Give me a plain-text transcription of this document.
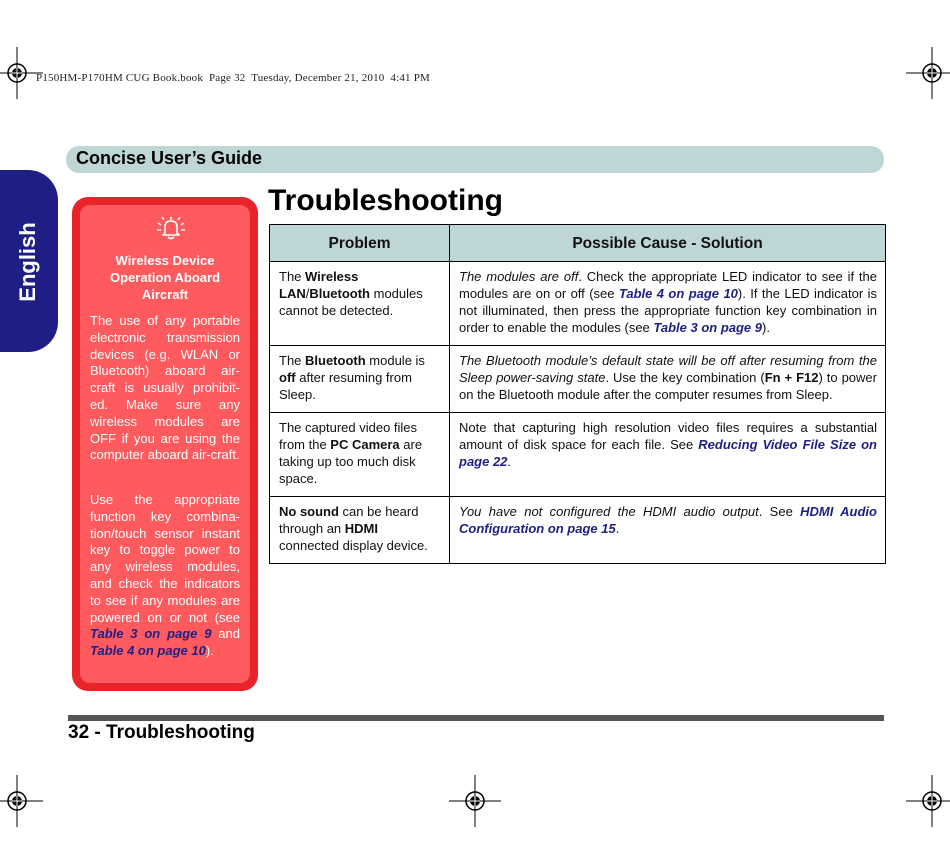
P150HM-P170HM CUG Book.book  Page 32  Tuesday, December 21, 2010  4:41 PM
Concise User’s Guide
English	Wireless Device Operation Aboard Aircraft
The use of any portable electronic transmission devices (e.g. WLAN or Bluetooth) aboard air-craft is usually prohibit-ed. Make sure any wireless modules are OFF if you are using the computer aboard air-craft.
Use the appropriate function key combina-tion/touch sensor instant key to toggle power to any wireless modules, and check the indicators to see if any modules are powered on or not (see Table 3 on page 9 and Table 4 on page 10).
Troubleshooting
Problem	Possible Cause - Solution
The Wireless LAN/Bluetooth modules cannot be detected.	The modules are off. Check the appropriate LED indicator to see if the modules are on or off (see Table 4 on page 10). If the LED indicator is not illuminated, then press the appropriate function key combination in order to enable the modules (see Table 3 on page 9).
The Bluetooth module is off after resuming from Sleep.	The Bluetooth module’s default state will be off after resuming from the Sleep power-saving state. Use the key combination (Fn + F12) to power on the Bluetooth module after the computer resumes from Sleep.
The captured video files from the PC Camera are taking up too much disk space.	Note that capturing high resolution video files requires a substantial amount of disk space for each file. See Reducing Video File Size on page 22.
No sound can be heard through an HDMI connected display device.	You have not configured the HDMI audio output. See HDMI Audio Configuration on page 15.
32 - Troubleshooting
